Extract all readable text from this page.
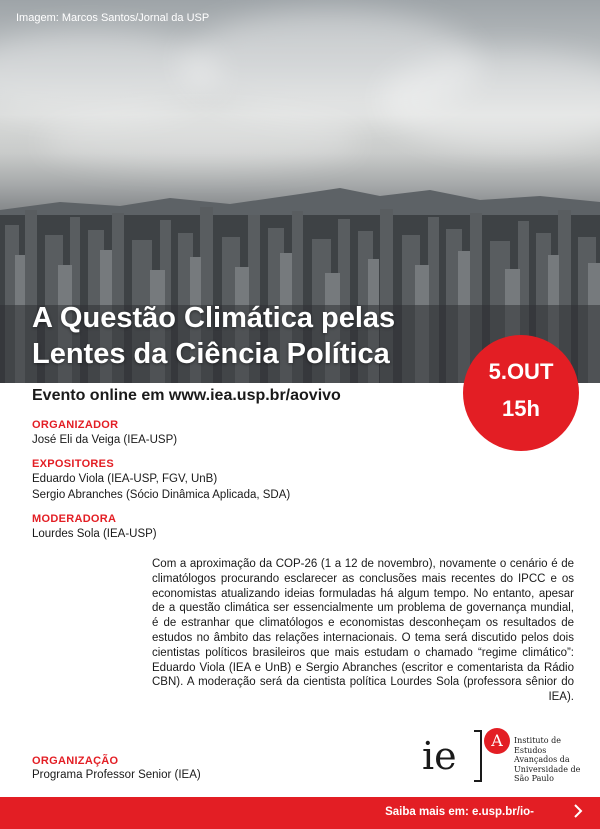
Imagem: Marcos Santos/Jornal da USP
A Questão Climática pelas
Lentes da Ciência Política
5.OUT
15h
Evento online em www.iea.usp.br/aovivo
ORGANIZADOR
José Eli da Veiga (IEA-USP)
EXPOSITORES
Eduardo Viola (IEA-USP, FGV, UnB)
Sergio Abranches (Sócio Dinâmica Aplicada, SDA)
MODERADORA
Lourdes Sola (IEA-USP)

Com a aproximação da COP-26 (1 a 12 de novembro), novamente o cenário é de climatólogos procurando esclarecer as conclusões mais recentes do IPCC e os economistas atualizando ideias formuladas há algum tempo. No entanto, apesar de a questão climática ser essencialmente um problema de governança mundial, é de estranhar que climatólogos e economistas desconheçam os resultados de estudos no âmbito das relações internacionais. O tema será discutido pelos dois cientistas políticos brasileiros que mais estudam o chamado “regime climático”: Eduardo Viola (IEA e UnB) e Sergio Abranches (escritor e comentarista da Rádio CBN). A moderação será da cientista política Lourdes Sola (professora sênior do IEA).

ORGANIZAÇÃO
Programa Professor Senior (IEA)	ie	A	Instituto de
Estudos
Avançados da
Universidade de
São Paulo
Saiba mais em: e.usp.br/io-
